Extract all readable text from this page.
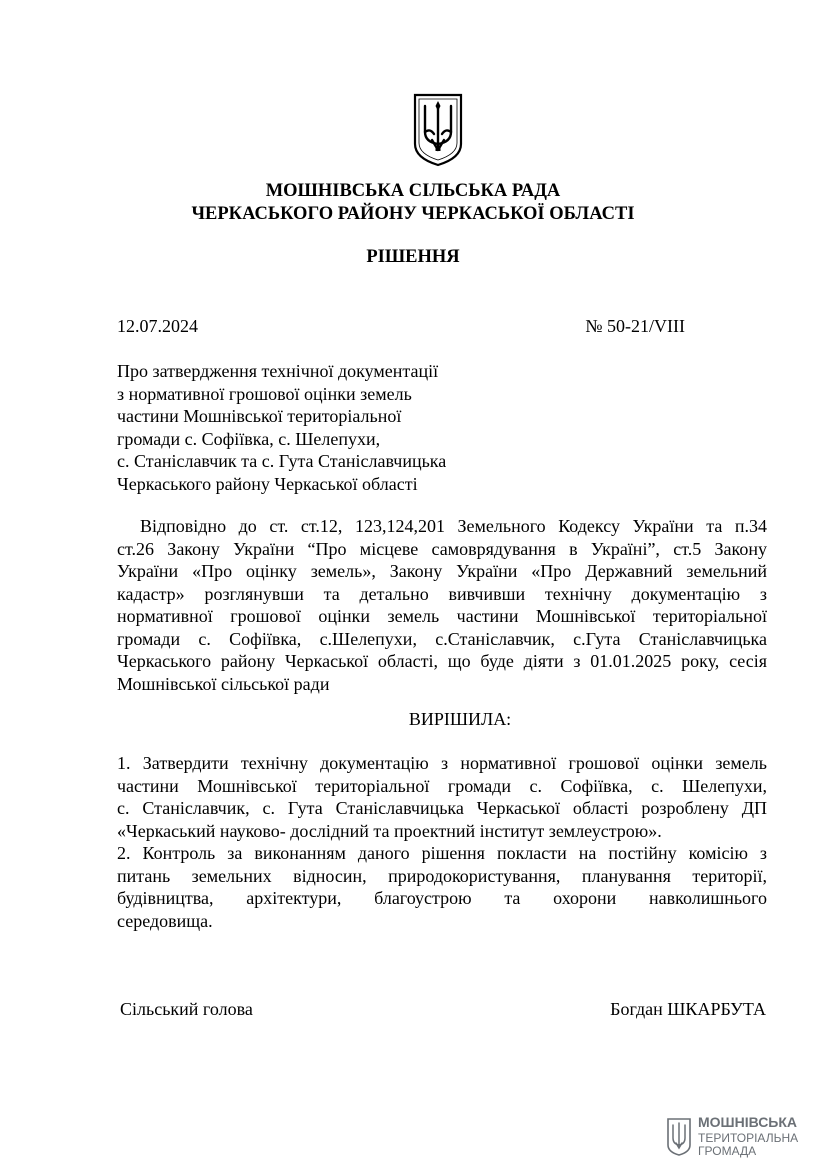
МОШНІВСЬКА СІЛЬСЬКА РАДА
ЧЕРКАСЬКОГО РАЙОНУ ЧЕРКАСЬКОЇ ОБЛАСТІ
РІШЕННЯ
12.07.2024	№ 50-21/VIII
Про затвердження технічної документації
з нормативної грошової оцінки земель
частини Мошнівської територіальної
громади с. Софіївка, с. Шелепухи,
с. Станіславчик та с. Гута Станіславчицька
Черкаського району Черкаської області
Відповідно до ст. ст.12, 123,124,201 Земельного Кодексу України та п.34
ст.26 Закону України “Про місцеве самоврядування в Україні”, ст.5 Закону
України «Про оцінку земель», Закону України «Про Державний земельний
кадастр» розглянувши та детально вивчивши технічну документацію з
нормативної грошової оцінки земель частини Мошнівської територіальної
громади с. Софіївка, с.Шелепухи, с.Станіславчик, с.Гута Станіславчицька
Черкаського району Черкаської області, що буде діяти з 01.01.2025 року, сесія
Мошнівської сільської ради
ВИРІШИЛА:
1. Затвердити технічну документацію з нормативної грошової оцінки земель
частини Мошнівської територіальної громади с. Софіївка, с. Шелепухи,
с. Станіславчик, с. Гута Станіславчицька Черкаської області розроблену ДП
«Черкаський науково- дослідний та проектний інститут землеустрою».
2. Контроль за виконанням даного рішення покласти на постійну комісію з
питань земельних відносин, природокористування, планування території,
будівництва, архітектури, благоустрою та охорони навколишнього
середовища.
Сільський голова	Богдан ШКАРБУТА
МОШНІВСЬКА
ТЕРИТОРІАЛЬНА
ГРОМАДА
